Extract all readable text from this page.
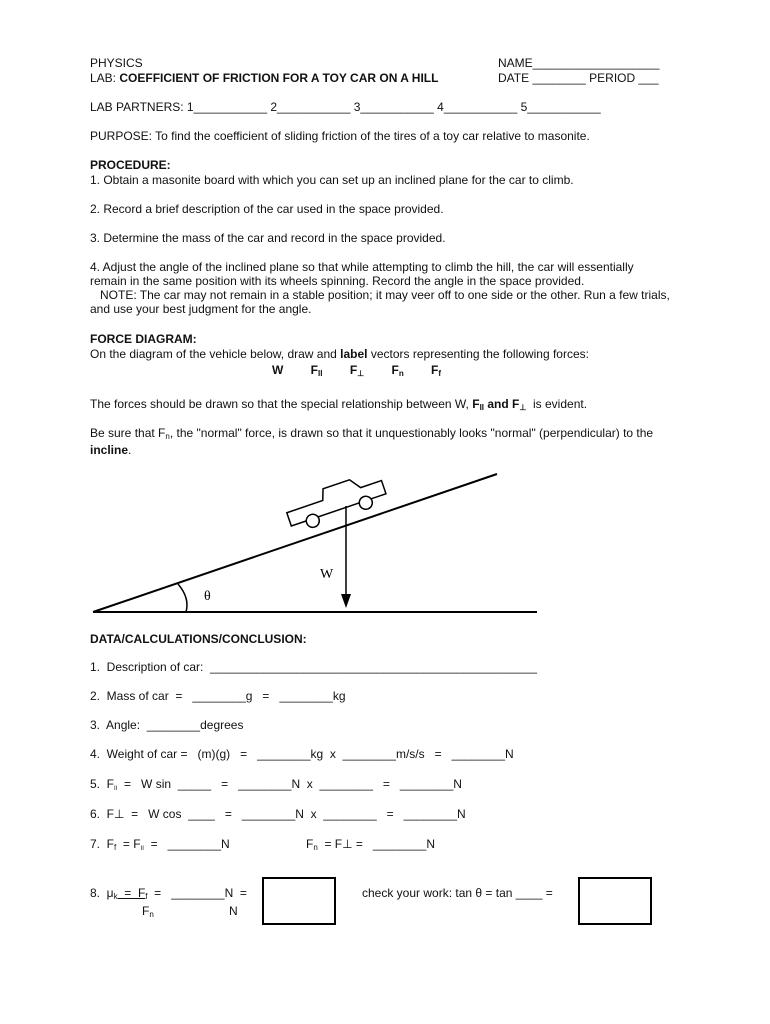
PHYSICS
LAB: COEFFICIENT OF FRICTION FOR A TOY CAR ON A HILL
NAME___________________
DATE ________ PERIOD ___
LAB PARTNERS: 1___________ 2___________ 3___________ 4___________ 5___________
PURPOSE: To find the coefficient of sliding friction of the tires of a toy car relative to masonite.
PROCEDURE:
1. Obtain a masonite board with which you can set up an inclined plane for the car to climb.
2. Record a brief description of the car used in the space provided.
3. Determine the mass of the car and record in the space provided.
4. Adjust the angle of the inclined plane so that while attempting to climb the hill, the car will essentially
remain in the same position with its wheels spinning. Record the angle in the space provided.
NOTE: The car may not remain in a stable position; it may veer off to one side or the other. Run a few trials,
and use your best judgment for the angle.
FORCE DIAGRAM:
On the diagram of the vehicle below, draw and label vectors representing the following forces:
W $F_{II}$ $F_\perp$ $F_n$ $F_f$
The forces should be drawn so that the special relationship between W, $F_{II}$ and $F_\perp$  is evident.
Be sure that $F_n$, the "normal" force, is drawn so that it unquestionably looks "normal" (perpendicular) to the
incline.
W
θ
DATA/CALCULATIONS/CONCLUSION:
1.  Description of car:  _________________________________________________
2.  Mass of car  =   ________g   =   ________kg
3.  Angle:  ________degrees
4.  Weight of car =   (m)(g)   =   ________kg  x  ________m/s/s   =   ________N
5.  $F_{II} = W$ sin  _____   =   ________N  x  ________   =   ________N
6.  F⊥  =   W cos  ____   =   ________N  x  ________   =   ________N
7.  $F_f = F_{II}$  =   ________N	$F_n$  = F⊥ =   ________N
8.  $\mu_k = F_f$  =   ________N  =
$F_n$	N
check your work: tan θ = tan ____ =
